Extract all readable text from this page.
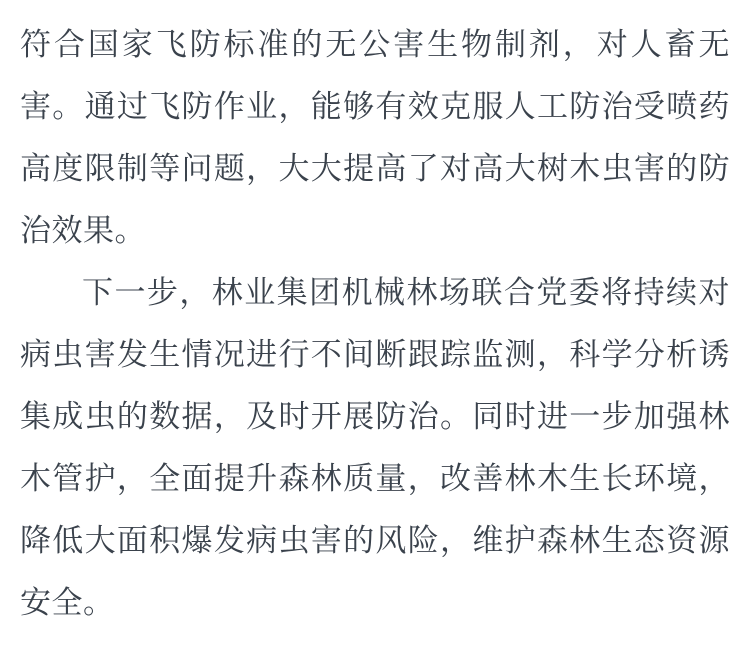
符合国家飞防标准的无公害生物制剂，对人畜无害。通过飞防作业，能够有效克服人工防治受喷药高度限制等问题，大大提高了对高大树木虫害的防治效果。

下一步，林业集团机械林场联合党委将持续对病虫害发生情况进行不间断跟踪监测，科学分析诱集成虫的数据，及时开展防治。同时进一步加强林木管护，全面提升森林质量，改善林木生长环境，降低大面积爆发病虫害的风险，维护森林生态资源安全。
